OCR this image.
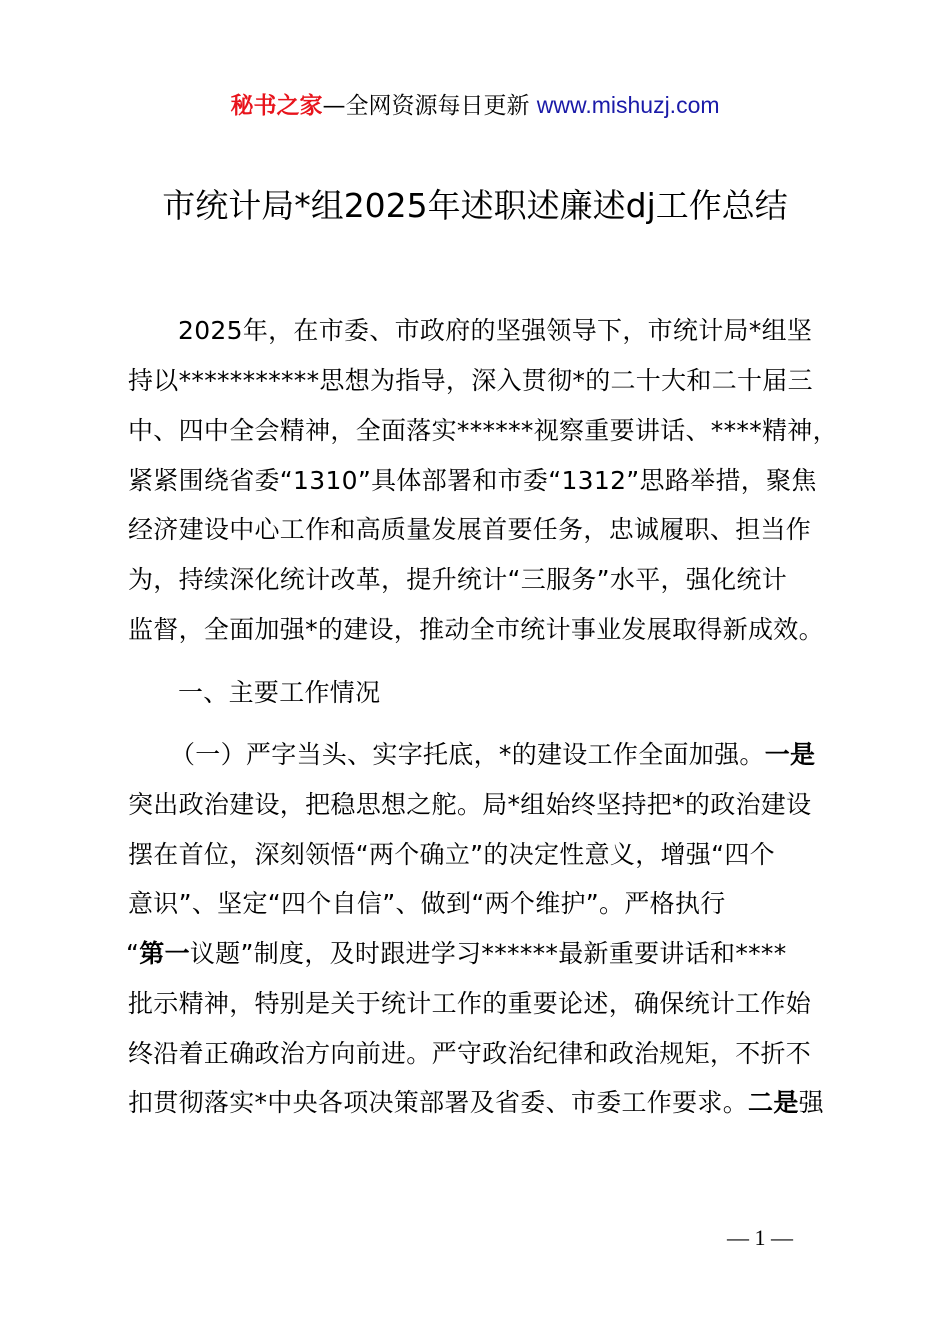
秘书之家—全网资源每日更新 www.mishuzj.com
市统计局*组2025年述职述廉述dj工作总结
2025年，在市委、市政府的坚强领导下，市统计局*组坚
持以***********思想为指导，深入贯彻*的二十大和二十届三
中、四中全会精神，全面落实******视察重要讲话、****精神，
紧紧围绕省委“1310”具体部署和市委“1312”思路举措，聚焦
经济建设中心工作和高质量发展首要任务，忠诚履职、担当作
为，持续深化统计改革，提升统计“三服务”水平，强化统计
监督，全面加强*的建设，推动全市统计事业发展取得新成效。
一、主要工作情况
（一）严字当头、实字托底，*的建设工作全面加强。一是
突出政治建设，把稳思想之舵。局*组始终坚持把*的政治建设
摆在首位，深刻领悟“两个确立”的决定性意义，增强“四个
意识”、坚定“四个自信”、做到“两个维护”。严格执行
“第一议题”制度，及时跟进学习******最新重要讲话和****
批示精神，特别是关于统计工作的重要论述，确保统计工作始
终沿着正确政治方向前进。严守政治纪律和政治规矩，不折不
扣贯彻落实*中央各项决策部署及省委、市委工作要求。二是强
— 1 —
